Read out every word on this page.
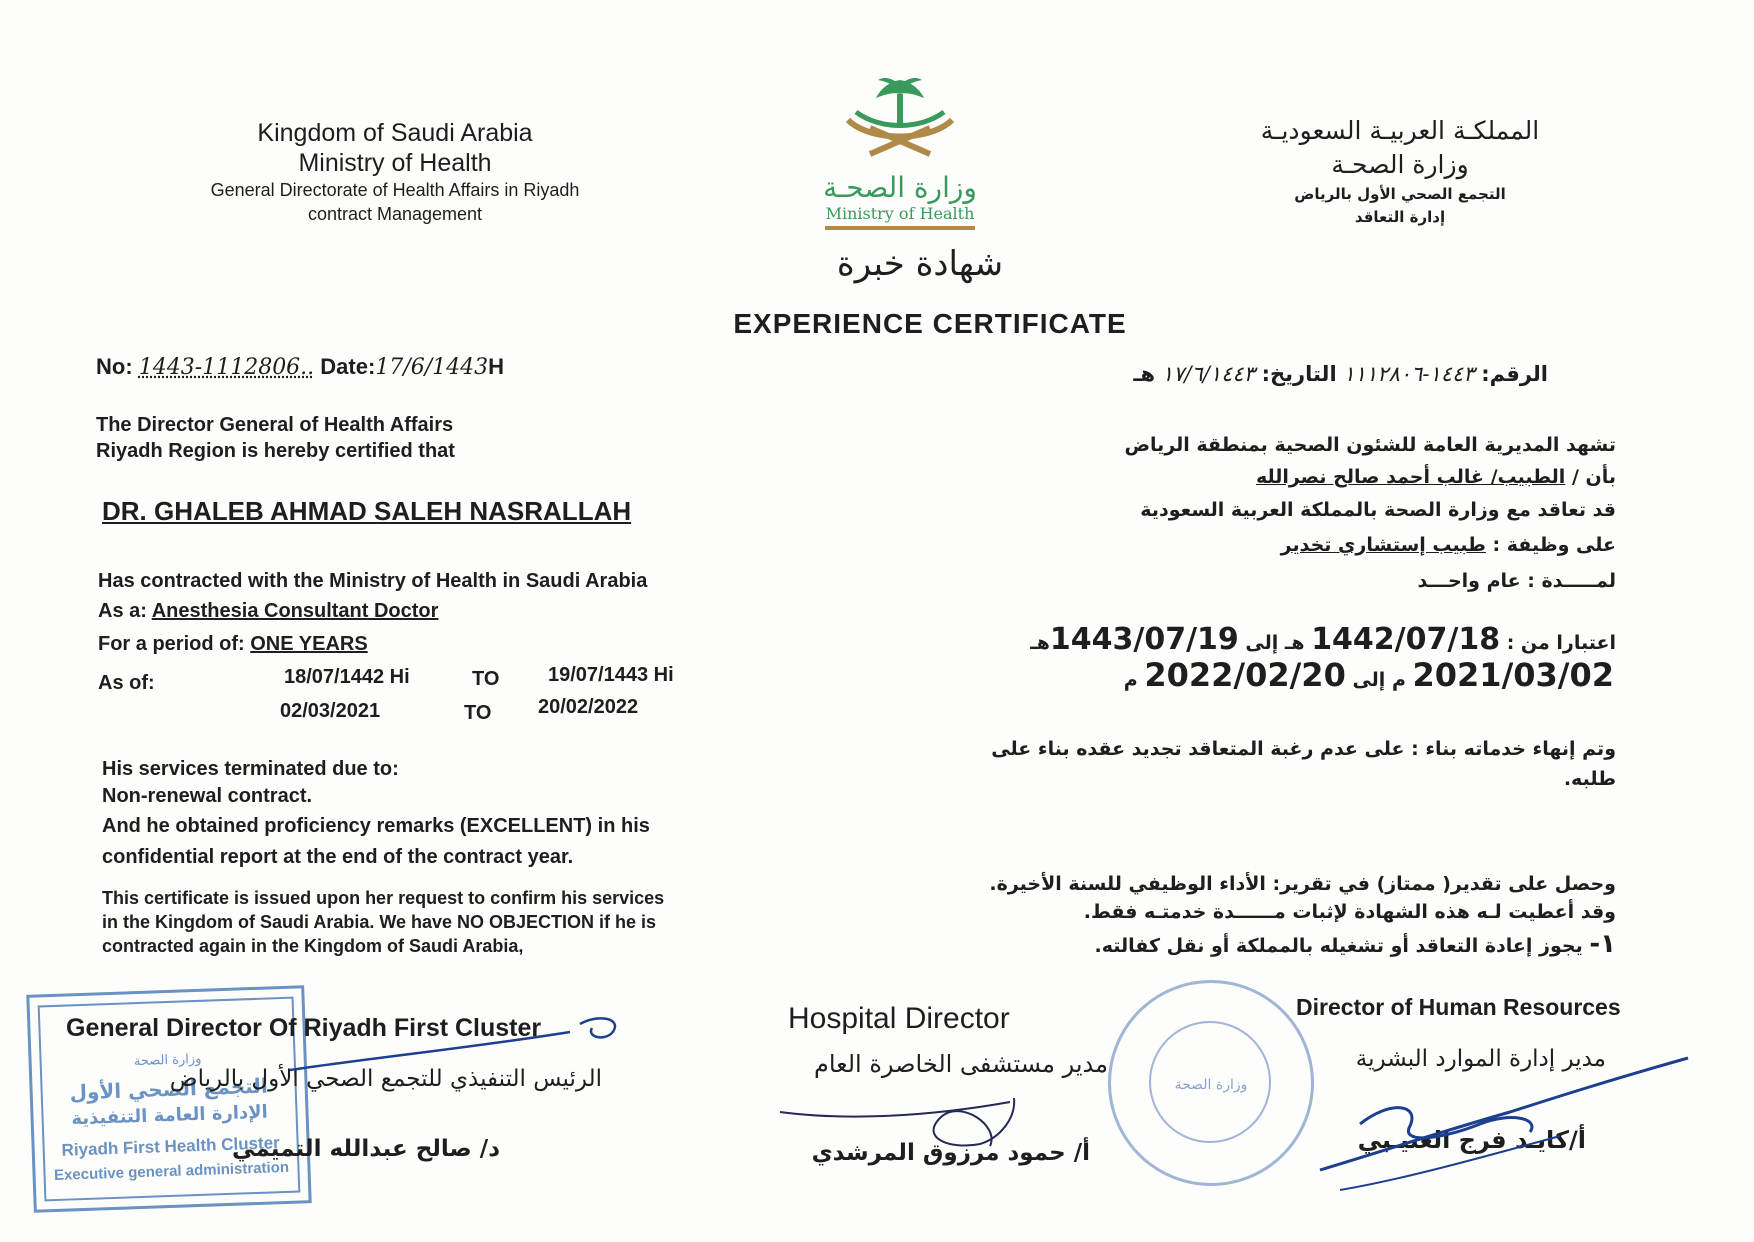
Kingdom of Saudi Arabia
Ministry of Health
General Directorate of Health Affairs in Riyadh
contract Management
المملكـة العربيـة السعوديـة
وزارة الصحـة
التجمع الصحي الأول بالرياض
إدارة التعاقد
وزارة الصحـة
Ministry of Health
شهادة خبرة
EXPERIENCE CERTIFICATE
No: 1443-1112806.. Date:17/6/1443H	الرقم: ١٤٤٣-١١١٢٨٠٦ التاريخ: ١٧/٦/١٤٤٣ هـ
The Director General of Health Affairs
Riyadh Region is hereby certified that
DR. GHALEB AHMAD SALEH NASRALLAH
Has contracted with the Ministry of Health in Saudi Arabia
As a: Anesthesia Consultant Doctor
For a period of: ONE YEARS
As of:	18/07/1442 Hi	TO 19/07/1443 Hi
02/03/2021	TO 20/02/2022
His services terminated due to:
Non-renewal contract.
And he obtained proficiency remarks (EXCELLENT) in his
confidential report at the end of the contract year.
This certificate is issued upon her request to confirm his services
in the Kingdom of Saudi Arabia. We have NO OBJECTION if he is
contracted again in the Kingdom of Saudi Arabia,
تشهد المديرية العامة للشئون الصحية بمنطقة الرياض
بأن / الطبيب/ غالب أحمد صالح نصرالله
قد تعاقد مع وزارة الصحة بالمملكة العربية السعودية
على وظيفة : طبيب إستشاري تخدير
لمـــــدة : عام واحـــد
اعتبارا من : 1442/07/18 هـ إلى 1443/07/19هـ
2021/03/02 م إلى 2022/02/20 م
وتم إنهاء خدماته بناء : على عدم رغبة المتعاقد تجديد عقده بناء على
طلبه.
وحصل على تقدير( ممتاز) في تقرير: الأداء الوظيفي للسنة الأخيرة.
وقد أعطيت لـه هذه الشهادة لإثبات مــــــدة خدمتـه فقط.
١- يجوز إعادة التعاقد أو تشغيله بالمملكة أو نقل كفالته.
وزارة الصحة
التجمع الصحي الأول
الإدارة العامة التنفيذية
Riyadh First Health Cluster
Executive general administration
General Director Of Riyadh First Cluster
الرئيس التنفيذي للتجمع الصحي الأول بالرياض
د/ صالح عبدالله التميمي
Hospital Director
مدير مستشفى الخاصرة العام
أ/ حمود مرزوق المرشدي
وزارة الصحة
Director of Human Resources
مدير إدارة الموارد البشرية
أ/كايـد فرج العتيـبي
